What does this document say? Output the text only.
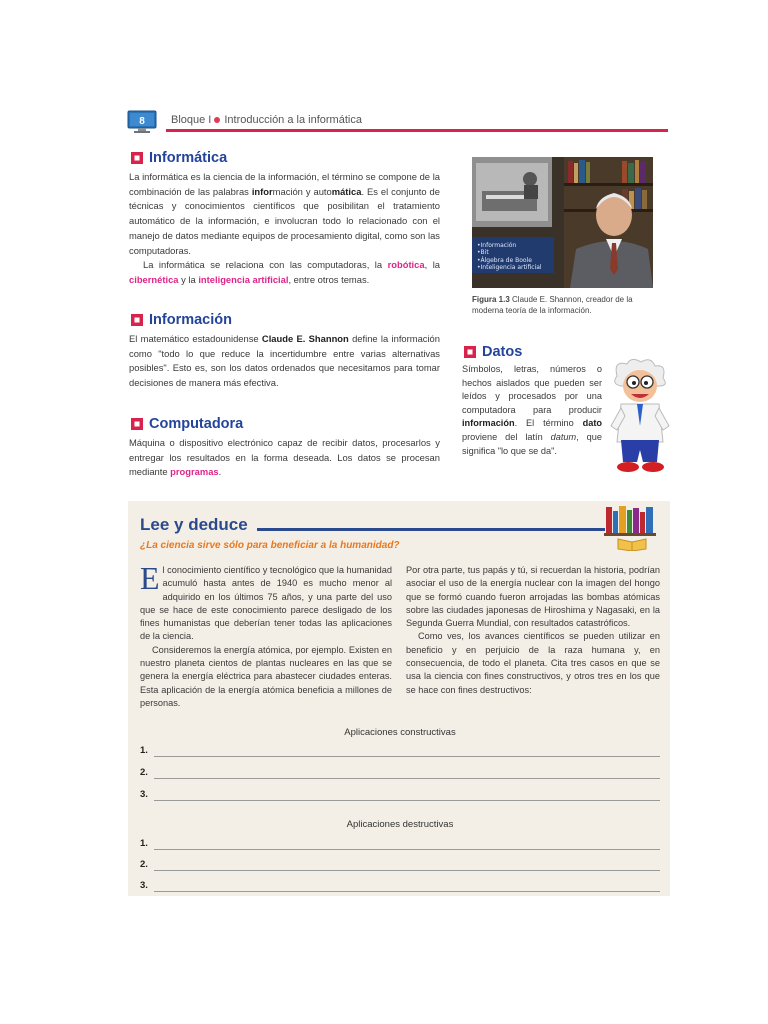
8 Bloque I Introducción a la informática
Informática

La informática es la ciencia de la información, el término se compone de la combinación de las palabras información y automática. Es el conjunto de técnicas y conocimientos científicos que posibilitan el tratamiento automático de la información, e involucran todo lo relacionado con el manejo de datos mediante equipos de procesamiento digital, como son las computadoras.

La informática se relaciona con las computadoras, la robótica, la cibernética y la inteligencia artificial, entre otros temas.

Información

El matemático estadounidense Claude E. Shannon define la información como "todo lo que reduce la incertidumbre entre varias alternativas posibles". Esto es, son los datos ordenados que necesitamos para tomar decisiones de manera más efectiva.

Computadora

Máquina o dispositivo electrónico capaz de recibir datos, procesarlos y entregar los resultados en la forma deseada. Los datos se procesan mediante programas.

•Información
•Bit
•Álgebra de Boole
•Inteligencia artificial
Figura 1.3 Claude E. Shannon, creador de la moderna teoría de la información.
Datos

Símbolos, letras, números o hechos aislados que pueden ser leídos y procesados por una computadora para producir información. El término dato proviene del latín datum, que significa "lo que se da".

Lee y deduce
¿La ciencia sirve sólo para beneficiar a la humanidad?

El conocimiento científico y tecnológico que la humanidad acumuló hasta antes de 1940 es mucho menor al adquirido en los últimos 75 años, y una parte del uso que se hace de este conocimiento parece desligado de los fines humanistas que deberían tener todas las aplicaciones de la ciencia.

Consideremos la energía atómica, por ejemplo. Existen en nuestro planeta cientos de plantas nucleares en las que se genera la energía eléctrica para abastecer ciudades enteras. Esta aplicación de la energía atómica beneficia a millones de personas.

Por otra parte, tus papás y tú, si recuerdan la historia, podrían asociar el uso de la energía nuclear con la imagen del hongo que se formó cuando fueron arrojadas las bombas atómicas sobre las ciudades japonesas de Hiroshima y Nagasaki, en la Segunda Guerra Mundial, con resultados catastróficos.

Como ves, los avances científicos se pueden utilizar en beneficio y en perjuicio de la raza humana y, en consecuencia, de todo el planeta. Cita tres casos en que se usa la ciencia con fines constructivos, y otros tres en los que se hace con fines destructivos:

Aplicaciones constructivas
1.
2.
3.
Aplicaciones destructivas
1.
2.
3.
